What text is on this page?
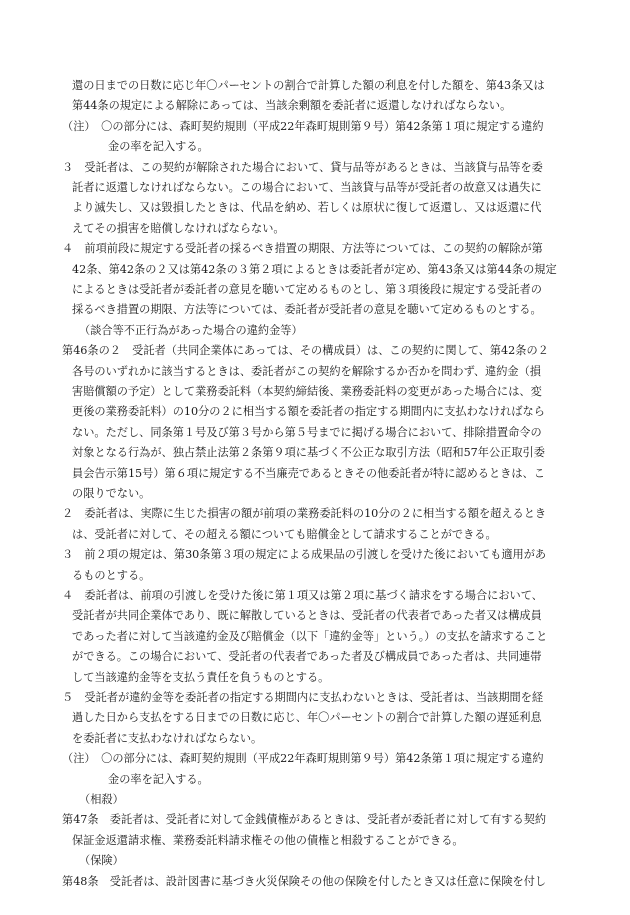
還の日までの日数に応じ年〇パーセントの割合で計算した額の利息を付した額を、第43条又は
第44条の規定による解除にあっては、当該余剰額を委託者に返還しなければならない。
（注）　〇の部分には、森町契約規則（平成22年森町規則第９号）第42条第１項に規定する違約
金の率を記入する。
３　受託者は、この契約が解除された場合において、貸与品等があるときは、当該貸与品等を委
託者に返還しなければならない。この場合において、当該貸与品等が受託者の故意又は過失に
より滅失し、又は毀損したときは、代品を納め、若しくは原状に復して返還し、又は返還に代
えてその損害を賠償しなければならない。
４　前項前段に規定する受託者の採るべき措置の期限、方法等については、この契約の解除が第
42条、第42条の２又は第42条の３第２項によるときは委託者が定め、第43条又は第44条の規定
によるときは受託者が委託者の意見を聴いて定めるものとし、第３項後段に規定する受託者の
採るべき措置の期限、方法等については、委託者が受託者の意見を聴いて定めるものとする。
（談合等不正行為があった場合の違約金等）
第46条の２　受託者（共同企業体にあっては、その構成員）は、この契約に関して、第42条の２
各号のいずれかに該当するときは、委託者がこの契約を解除するか否かを問わず、違約金（損
害賠償額の予定）として業務委託料（本契約締結後、業務委託料の変更があった場合には、変
更後の業務委託料）の10分の２に相当する額を委託者の指定する期間内に支払わなければなら
ない。ただし、同条第１号及び第３号から第５号までに掲げる場合において、排除措置命令の
対象となる行為が、独占禁止法第２条第９項に基づく不公正な取引方法（昭和57年公正取引委
員会告示第15号）第６項に規定する不当廉売であるときその他委託者が特に認めるときは、こ
の限りでない。
２　委託者は、実際に生じた損害の額が前項の業務委託料の10分の２に相当する額を超えるとき
は、受託者に対して、その超える額についても賠償金として請求することができる。
３　前２項の規定は、第30条第３項の規定による成果品の引渡しを受けた後においても適用があ
るものとする。
４　委託者は、前項の引渡しを受けた後に第１項又は第２項に基づく請求をする場合において、
受託者が共同企業体であり、既に解散しているときは、受託者の代表者であった者又は構成員
であった者に対して当該違約金及び賠償金（以下「違約金等」という。）の支払を請求すること
ができる。この場合において、受託者の代表者であった者及び構成員であった者は、共同連帯
して当該違約金等を支払う責任を負うものとする。
５　受託者が違約金等を委託者の指定する期間内に支払わないときは、受託者は、当該期間を経
過した日から支払をする日までの日数に応じ、年〇パーセントの割合で計算した額の遅延利息
を委託者に支払わなければならない。
（注）　〇の部分には、森町契約規則（平成22年森町規則第９号）第42条第１項に規定する違約
金の率を記入する。
（相殺）
第47条　委託者は、受託者に対して金銭債権があるときは、受託者が委託者に対して有する契約
保証金返還請求権、業務委託料請求権その他の債権と相殺することができる。
（保険）
第48条　受託者は、設計図書に基づき火災保険その他の保険を付したとき又は任意に保険を付し
